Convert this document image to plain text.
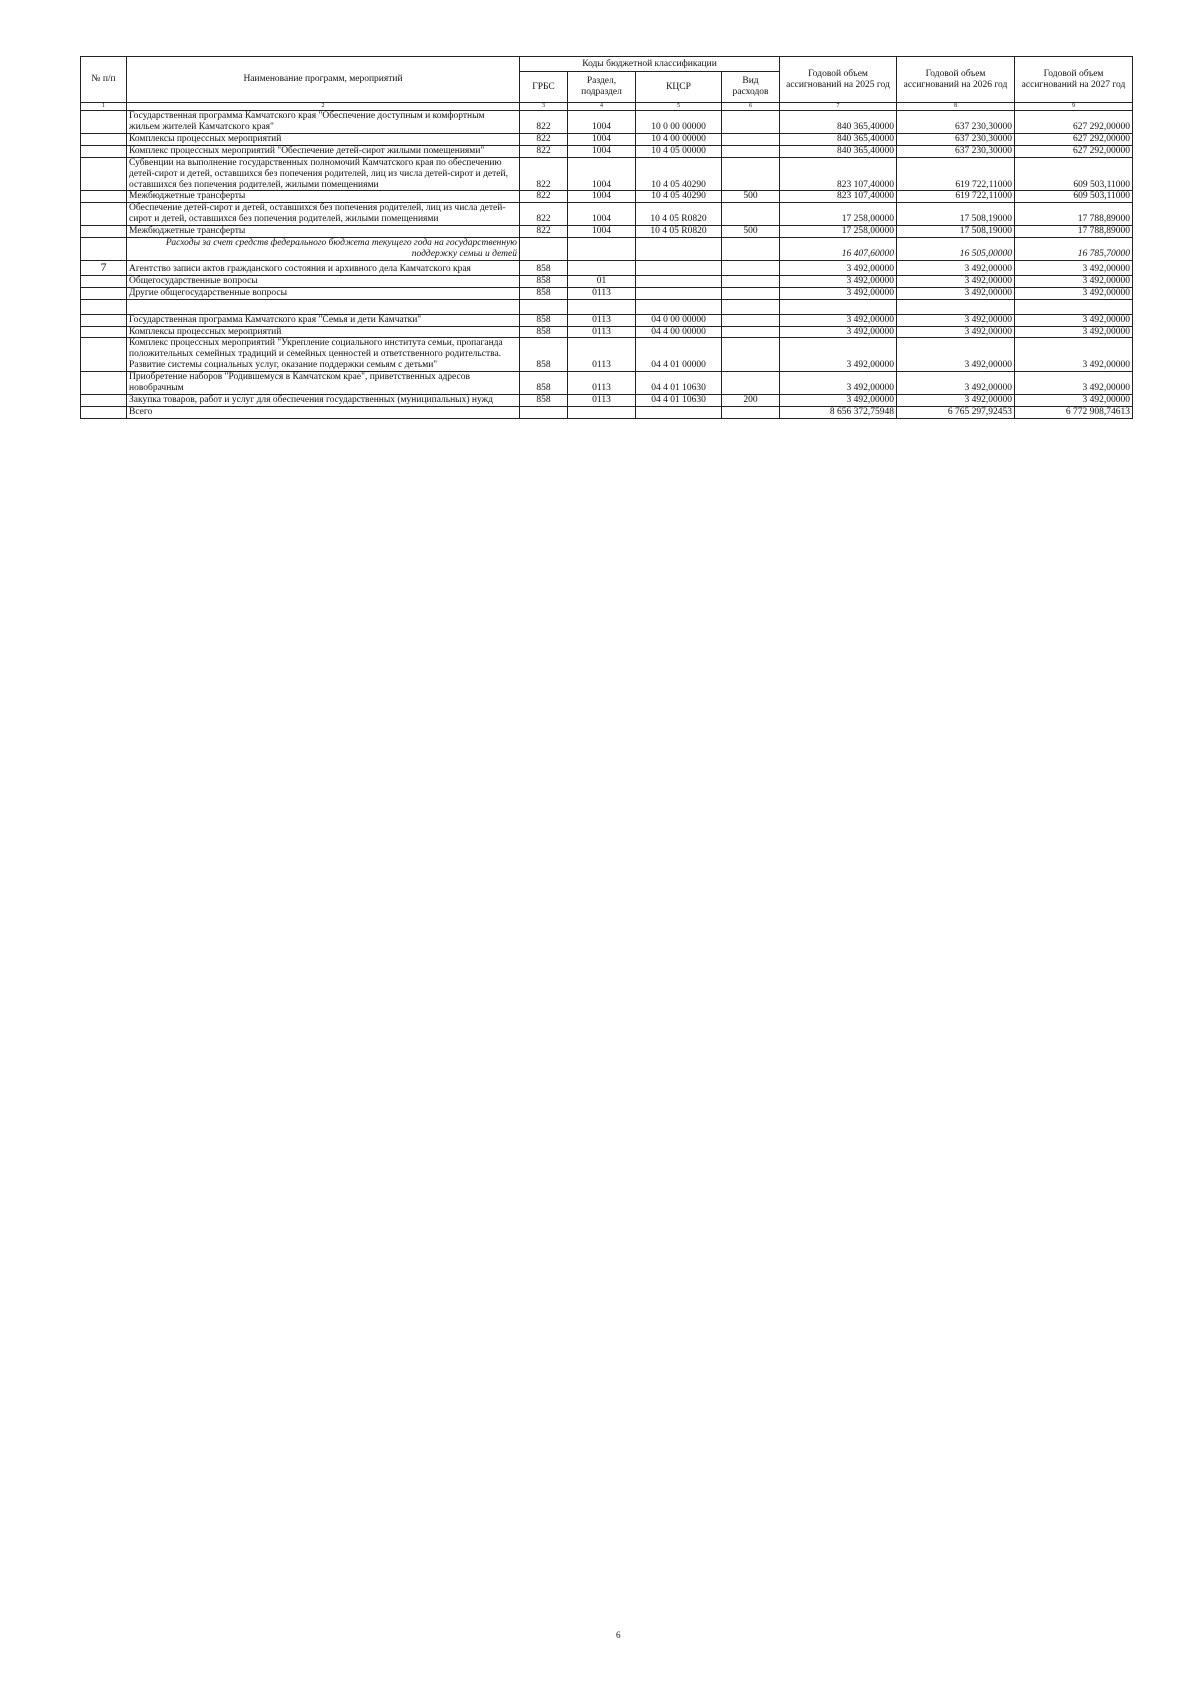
№ п/п	Наименование программ, мероприятий	Коды бюджетной классификации				Годовой объем ассигнований на 2025 год	Годовой объем ассигнований на 2026 год	Годовой объем ассигнований на 2027 год
		ГРБС	Раздел, подраздел	КЦСР	Вид расходов			
1	2	3	4	5	6	7	8	9
	Государственная программа Камчатского края "Обеспечение доступным и комфортным жильем жителей Камчатского края"	822	1004	10 0 00 00000		840 365,40000	637 230,30000	627 292,00000
	Комплексы процессных мероприятий	822	1004	10 4 00 00000		840 365,40000	637 230,30000	627 292,00000
	Комплекс процессных мероприятий "Обеспечение детей-сирот жилыми помещениями"	822	1004	10 4 05 00000		840 365,40000	637 230,30000	627 292,00000
	Субвенции на выполнение государственных полномочий Камчатского края по обеспечению детей-сирот и детей, оставшихся без попечения родителей, лиц из числа детей-сирот и детей, оставшихся без попечения родителей, жилыми помещениями	822	1004	10 4 05 40290		823 107,40000	619 722,11000	609 503,11000
	Межбюджетные трансферты	822	1004	10 4 05 40290	500	823 107,40000	619 722,11000	609 503,11000
	Обеспечение детей-сирот и детей, оставшихся без попечения родителей, лиц из числа детей-сирот и детей, оставшихся без попечения родителей, жилыми помещениями	822	1004	10 4 05 R0820		17 258,00000	17 508,19000	17 788,89000
	Межбюджетные трансферты	822	1004	10 4 05 R0820	500	17 258,00000	17 508,19000	17 788,89000
	Расходы за счет средств федерального бюджета текущего года на государственную поддержку семьи и детей					16 407,60000	16 505,00000	16 785,70000
7	Агентство записи актов гражданского состояния и архивного дела Камчатского края	858				3 492,00000	3 492,00000	3 492,00000
	Общегосударственные вопросы	858	01			3 492,00000	3 492,00000	3 492,00000
	Другие общегосударственные вопросы	858	0113			3 492,00000	3 492,00000	3 492,00000

	Государственная программа Камчатского края "Семья и дети Камчатки"	858	0113	04 0 00 00000		3 492,00000	3 492,00000	3 492,00000
	Комплексы процессных мероприятий	858	0113	04 4 00 00000		3 492,00000	3 492,00000	3 492,00000
	Комплекс процессных мероприятий "Укрепление социального института семьи, пропаганда положительных семейных традиций и семейных ценностей и ответственного родительства. Развитие системы социальных услуг, оказание поддержки семьям с детьми"	858	0113	04 4 01 00000		3 492,00000	3 492,00000	3 492,00000
	Приобретение наборов "Родившемуся в Камчатском крае", приветственных адресов новобрачным	858	0113	04 4 01 10630		3 492,00000	3 492,00000	3 492,00000
	Закупка товаров, работ и услуг для обеспечения государственных (муниципальных) нужд	858	0113	04 4 01 10630	200	3 492,00000	3 492,00000	3 492,00000
	Всего					8 656 372,75948	6 765 297,92453	6 772 908,74613
6
